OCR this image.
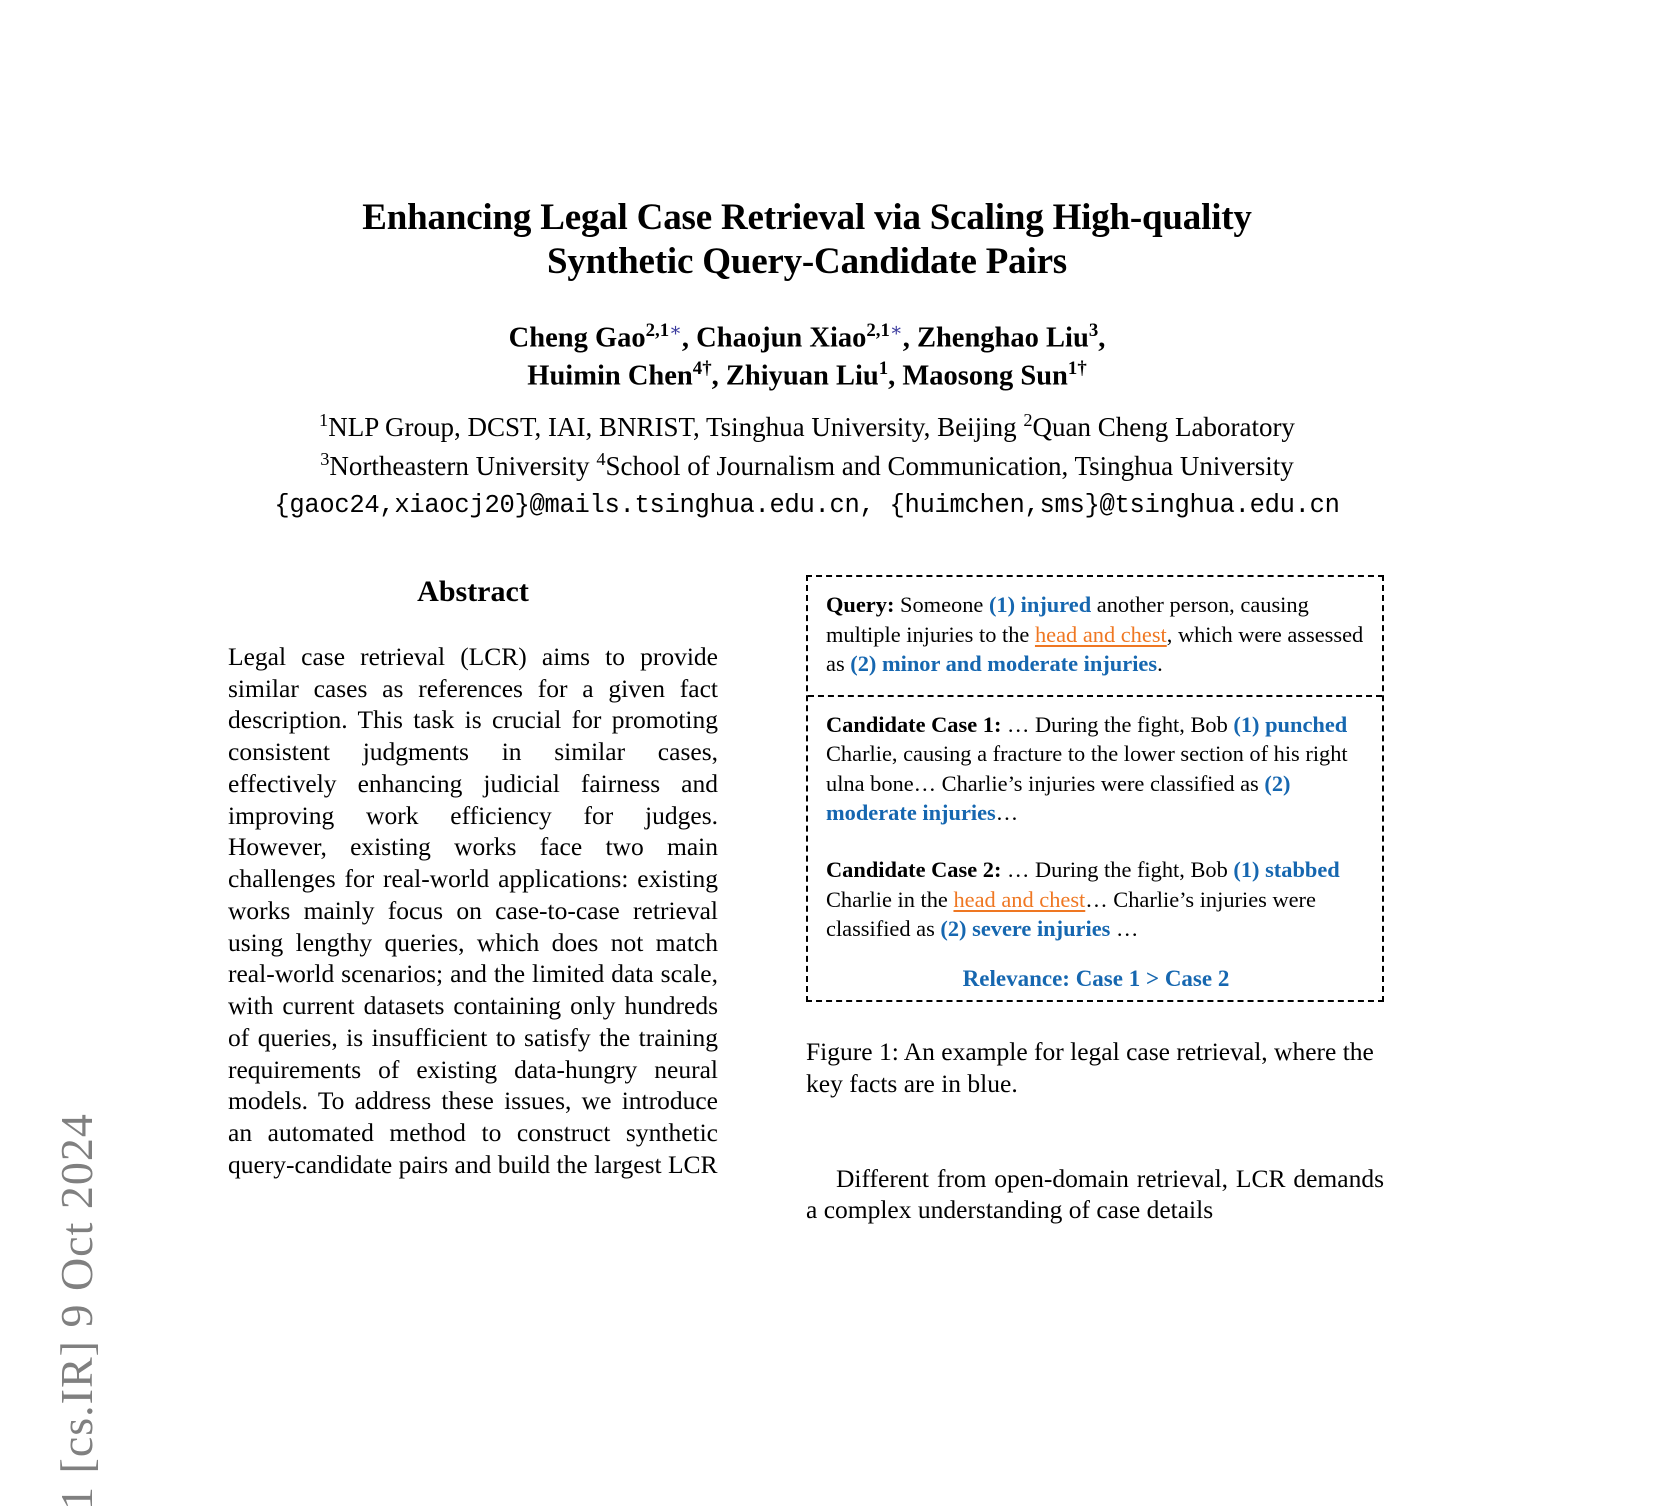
1 [cs.IR] 9 Oct 2024
Enhancing Legal Case Retrieval via Scaling High-quality
Synthetic Query-Candidate Pairs
Cheng Gao$^{2,1∗}$, Chaojun Xiao$^{2,1∗}$, Zhenghao Liu$^3$,
Huimin Chen$^{4\dagger}$, Zhiyuan Liu$^1$, Maosong Sun$^{1\dagger}$
$^1$NLP Group, DCST, IAI, BNRIST, Tsinghua University, Beijing $^2$Quan Cheng Laboratory
$^3$Northeastern University $^4$School of Journalism and Communication, Tsinghua University
{gaoc24,xiaocj20}@mails.tsinghua.edu.cn, {huimchen,sms}@tsinghua.edu.cn
Abstract
Legal case retrieval (LCR) aims to provide similar cases as references for a given fact description. This task is crucial for promoting consistent judgments in similar cases, effectively enhancing judicial fairness and improving work efficiency for judges. However, existing works face two main challenges for real-world applications: existing works mainly focus on case-to-case retrieval using lengthy queries, which does not match real-world scenarios; and the limited data scale, with current datasets containing only hundreds of queries, is insufficient to satisfy the training requirements of existing data-hungry neural models. To address these issues, we introduce an automated method to construct synthetic query-candidate pairs and build the largest LCR
Query: Someone (1) injured another person, causing multiple injuries to the head and chest, which were assessed as (2) minor and moderate injuries.
Candidate Case 1: … During the fight, Bob (1) punched Charlie, causing a fracture to the lower section of his right ulna bone… Charlie’s injuries were classified as (2) moderate injuries…
Candidate Case 2: … During the fight, Bob (1) stabbed Charlie in the head and chest… Charlie’s injuries were classified as (2) severe injuries …
Relevance: Case 1 > Case 2
Figure 1: An example for legal case retrieval, where the key facts are in blue.
Different from open-domain retrieval, LCR demands a complex understanding of case details
